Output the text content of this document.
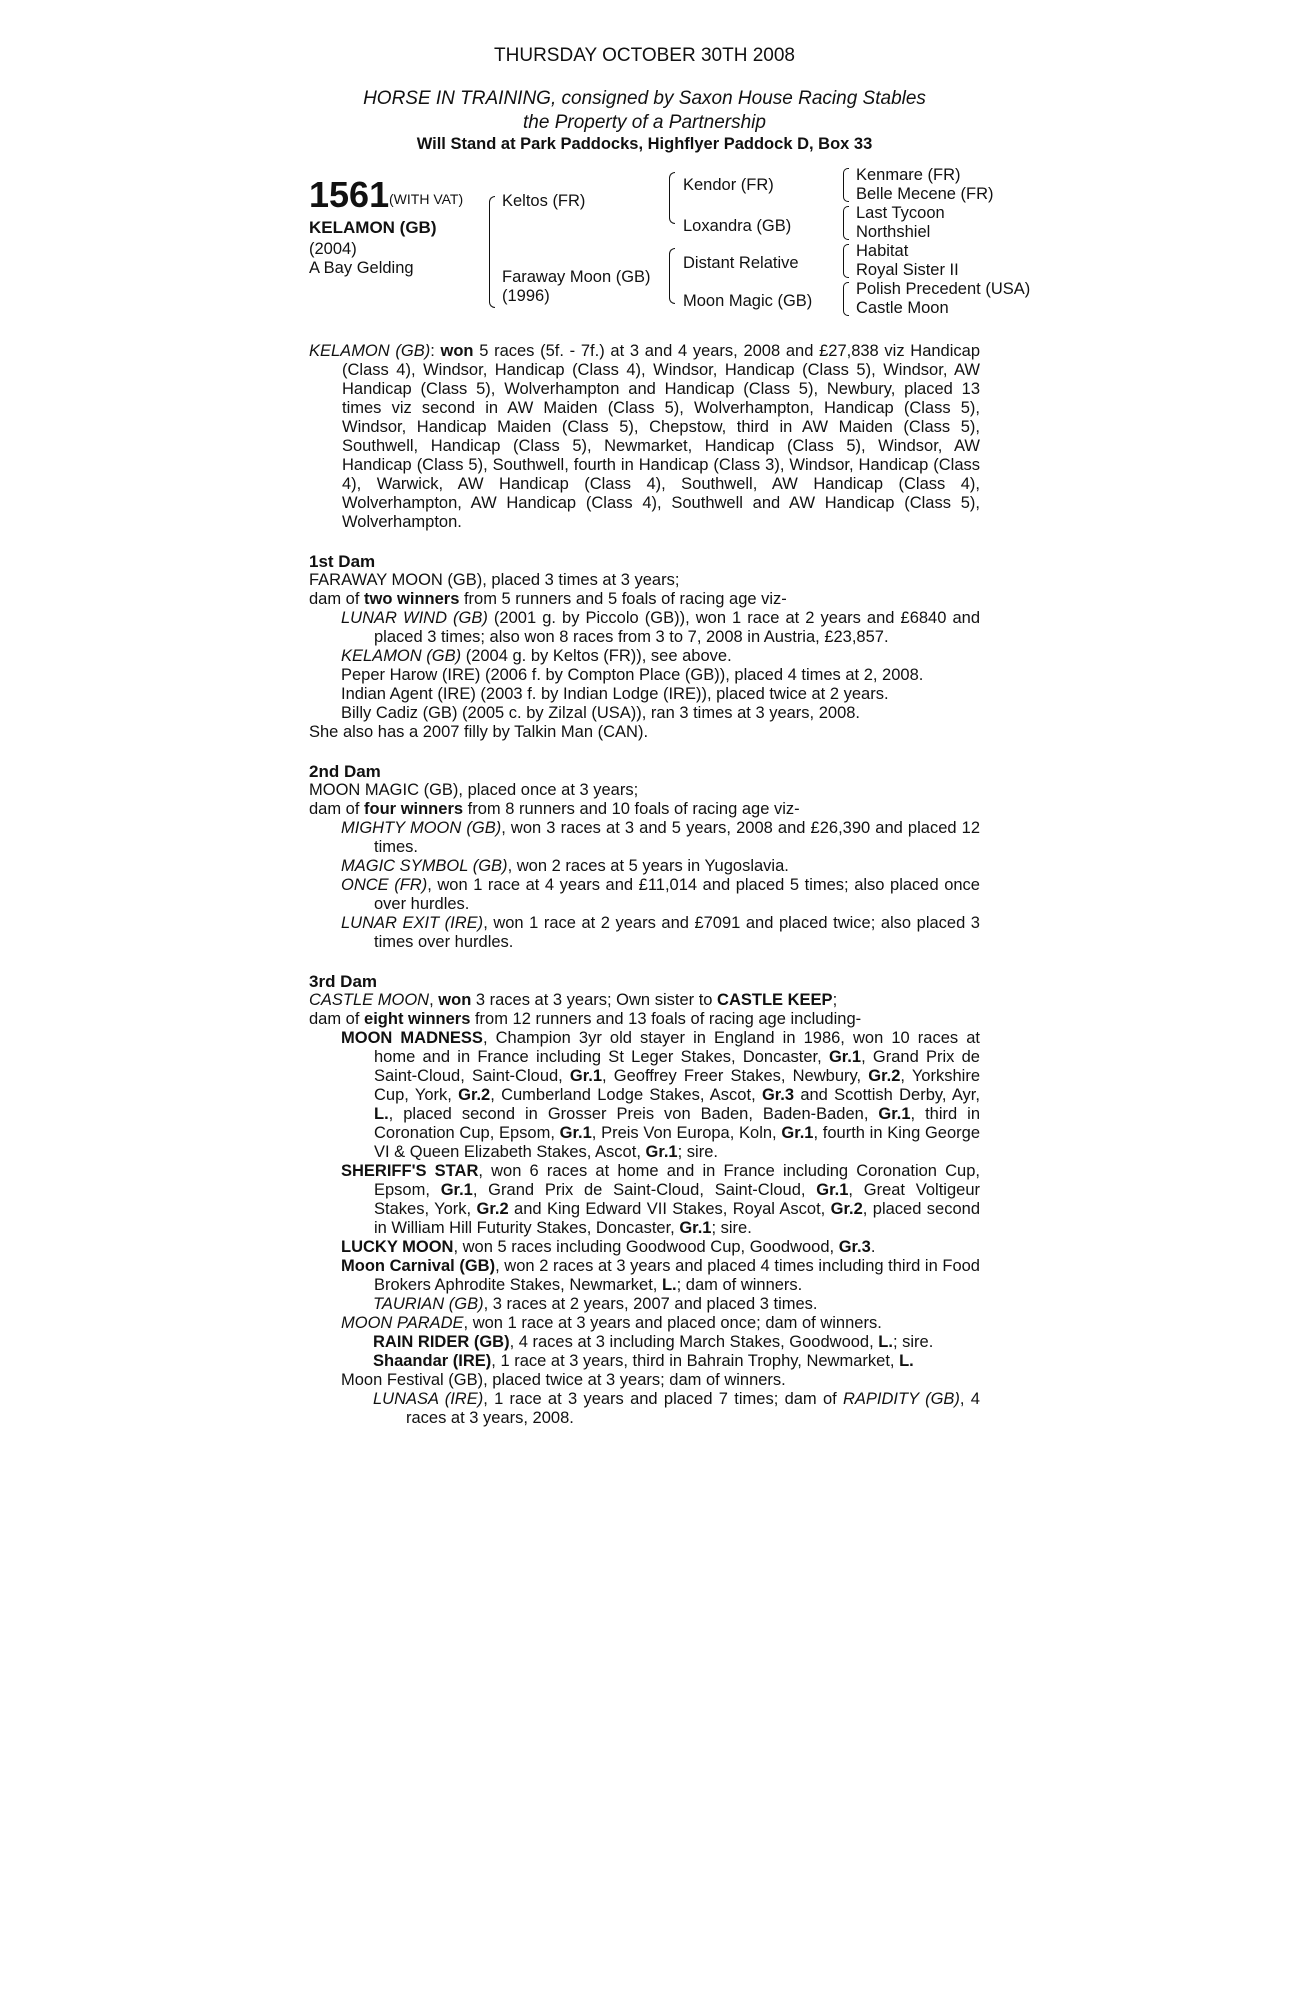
THURSDAY OCTOBER 30TH 2008
HORSE IN TRAINING, consigned by Saxon House Racing Stables
the Property of a Partnership
Will Stand at Park Paddocks, Highflyer Paddock D, Box 33
1561 (WITH VAT)
KELAMON (GB)
(2004)
A Bay Gelding
Keltos (FR)
Faraway Moon (GB)
(1996)
Kendor (FR)
Loxandra (GB)
Distant Relative
Moon Magic (GB)
Kenmare (FR)
Belle Mecene (FR)
Last Tycoon
Northshiel
Habitat
Royal Sister II
Polish Precedent (USA)
Castle Moon

KELAMON (GB): won 5 races (5f. - 7f.) at 3 and 4 years, 2008 and £27,838 viz Handicap (Class 4), Windsor, Handicap (Class 4), Windsor, Handicap (Class 5), Windsor, AW Handicap (Class 5), Wolverhampton and Handicap (Class 5), Newbury, placed 13 times viz second in AW Maiden (Class 5), Wolverhampton, Handicap (Class 5), Windsor, Handicap Maiden (Class 5), Chepstow, third in AW Maiden (Class 5), Southwell, Handicap (Class 5), Newmarket, Handicap (Class 5), Windsor, AW Handicap (Class 5), Southwell, fourth in Handicap (Class 3), Windsor, Handicap (Class 4), Warwick, AW Handicap (Class 4), Southwell, AW Handicap (Class 4), Wolverhampton, AW Handicap (Class 4), Southwell and AW Handicap (Class 5), Wolverhampton.

1st Dam

FARAWAY MOON (GB), placed 3 times at 3 years;

dam of two winners from 5 runners and 5 foals of racing age viz-

LUNAR WIND (GB) (2001 g. by Piccolo (GB)), won 1 race at 2 years and £6840 and placed 3 times; also won 8 races from 3 to 7, 2008 in Austria, £23,857.

KELAMON (GB) (2004 g. by Keltos (FR)), see above.

Peper Harow (IRE) (2006 f. by Compton Place (GB)), placed 4 times at 2, 2008.

Indian Agent (IRE) (2003 f. by Indian Lodge (IRE)), placed twice at 2 years.

Billy Cadiz (GB) (2005 c. by Zilzal (USA)), ran 3 times at 3 years, 2008.

She also has a 2007 filly by Talkin Man (CAN).

2nd Dam

MOON MAGIC (GB), placed once at 3 years;

dam of four winners from 8 runners and 10 foals of racing age viz-

MIGHTY MOON (GB), won 3 races at 3 and 5 years, 2008 and £26,390 and placed 12 times.

MAGIC SYMBOL (GB), won 2 races at 5 years in Yugoslavia.

ONCE (FR), won 1 race at 4 years and £11,014 and placed 5 times; also placed once over hurdles.

LUNAR EXIT (IRE), won 1 race at 2 years and £7091 and placed twice; also placed 3 times over hurdles.

3rd Dam

CASTLE MOON, won 3 races at 3 years; Own sister to CASTLE KEEP;

dam of eight winners from 12 runners and 13 foals of racing age including-

MOON MADNESS, Champion 3yr old stayer in England in 1986, won 10 races at home and in France including St Leger Stakes, Doncaster, Gr.1, Grand Prix de Saint-Cloud, Saint-Cloud, Gr.1, Geoffrey Freer Stakes, Newbury, Gr.2, Yorkshire Cup, York, Gr.2, Cumberland Lodge Stakes, Ascot, Gr.3 and Scottish Derby, Ayr, L., placed second in Grosser Preis von Baden, Baden-Baden, Gr.1, third in Coronation Cup, Epsom, Gr.1, Preis Von Europa, Koln, Gr.1, fourth in King George VI & Queen Elizabeth Stakes, Ascot, Gr.1; sire.

SHERIFF'S STAR, won 6 races at home and in France including Coronation Cup, Epsom, Gr.1, Grand Prix de Saint-Cloud, Saint-Cloud, Gr.1, Great Voltigeur Stakes, York, Gr.2 and King Edward VII Stakes, Royal Ascot, Gr.2, placed second in William Hill Futurity Stakes, Doncaster, Gr.1; sire.

LUCKY MOON, won 5 races including Goodwood Cup, Goodwood, Gr.3.

Moon Carnival (GB), won 2 races at 3 years and placed 4 times including third in Food Brokers Aphrodite Stakes, Newmarket, L.; dam of winners.

TAURIAN (GB), 3 races at 2 years, 2007 and placed 3 times.

MOON PARADE, won 1 race at 3 years and placed once; dam of winners.

RAIN RIDER (GB), 4 races at 3 including March Stakes, Goodwood, L.; sire.

Shaandar (IRE), 1 race at 3 years, third in Bahrain Trophy, Newmarket, L.

Moon Festival (GB), placed twice at 3 years; dam of winners.

LUNASA (IRE), 1 race at 3 years and placed 7 times; dam of RAPIDITY (GB), 4 races at 3 years, 2008.
